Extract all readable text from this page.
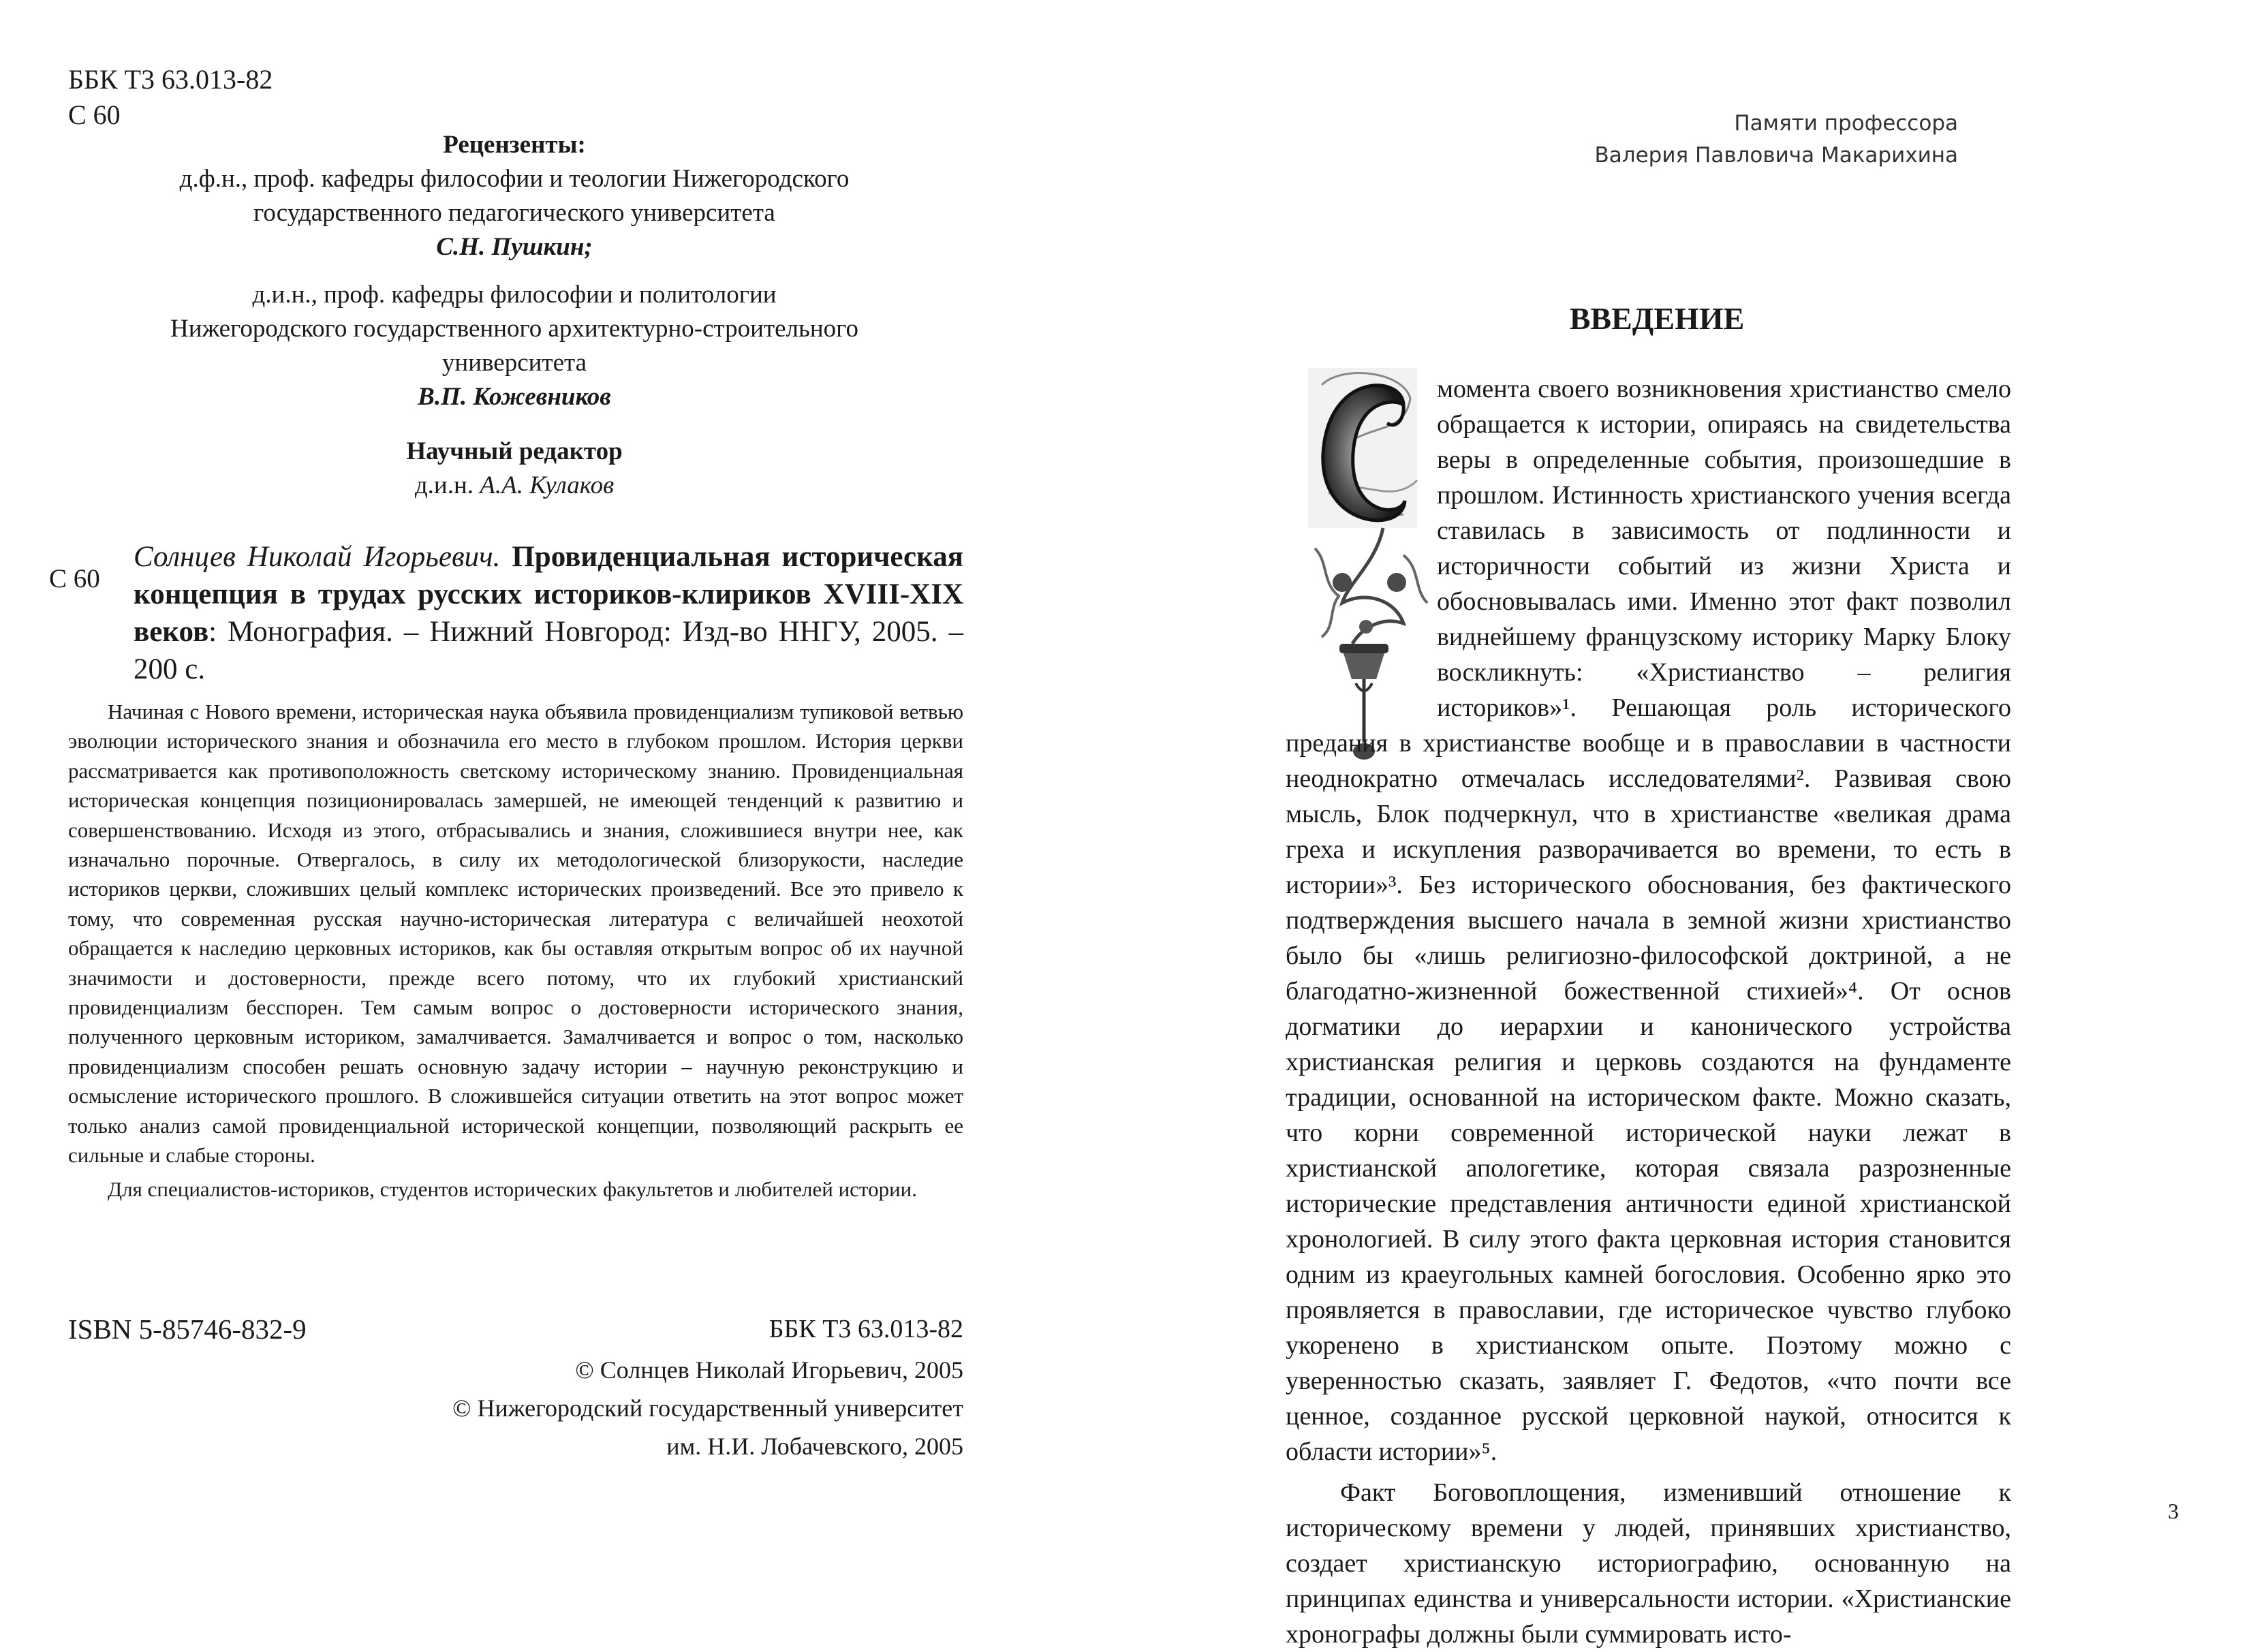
ББК Т3 63.013-82
С 60
Рецензенты:
д.ф.н., проф. кафедры философии и теологии Нижегородского
государственного педагогического университета
С.Н. Пушкин;
д.и.н., проф. кафедры философии и политологии
Нижегородского государственного архитектурно-строительного
университета
В.П. Кожевников
Научный редактор
д.и.н. А.А. Кулаков
С 60

Солнцев Николай Игорьевич. Провиденциальная историческая концепция в трудах русских историков-клириков XVIII-XIX веков: Монография. – Нижний Новгород: Изд-во ННГУ, 2005. – 200 с.

Начиная с Нового времени, историческая наука объявила провиденциализм тупиковой ветвью эволюции исторического знания и обозначила его место в глубоком прошлом. История церкви рассматривается как противоположность светскому историческому знанию. Провиденциальная историческая концепция позиционировалась замершей, не имеющей тенденций к развитию и совершенствованию. Исходя из этого, отбрасывались и знания, сложившиеся внутри нее, как изначально порочные. Отвергалось, в силу их методологической близорукости, наследие историков церкви, сложивших целый комплекс исторических произведений. Все это привело к тому, что современная русская научно-историческая литература с величайшей неохотой обращается к наследию церковных историков, как бы оставляя открытым вопрос об их научной значимости и достоверности, прежде всего потому, что их глубокий христианский провиденциализм бесспорен. Тем самым вопрос о достоверности исторического знания, полученного церковным историком, замалчивается. Замалчивается и вопрос о том, насколько провиденциализм способен решать основную задачу истории – научную реконструкцию и осмысление исторического прошлого. В сложившейся ситуации ответить на этот вопрос может только анализ самой провиденциальной исторической концепции, позволяющий раскрыть ее сильные и слабые стороны.

Для специалистов-историков, студентов исторических факультетов и любителей истории.

ISBN 5-85746-832-9	ББК Т3 63.013-82
© Солнцев Николай Игорьевич, 2005
© Нижегородский государственный университет
им. Н.И. Лобачевского, 2005
Памяти профессора
Валерия Павловича Макарихина
ВВЕДЕНИЕ

момента своего возникновения христианство смело обращается к истории, опираясь на свидетельства веры в определенные события, произошедшие в прошлом. Истинность христианского учения всегда ставилась в зависимость от подлинности и историчности событий из жизни Христа и обосновывалась ими. Именно этот факт позволил виднейшему французскому историку Марку Блоку воскликнуть: «Христианство – религия историков»¹. Решающая роль исторического предания в христианстве вообще и в православии в частности неоднократно отмечалась исследователями². Развивая свою мысль, Блок подчеркнул, что в христианстве «великая драма греха и искупления разворачивается во времени, то есть в истории»³. Без исторического обоснования, без фактического подтверждения высшего начала в земной жизни христианство было бы «лишь религиозно-философской доктриной, а не благодатно-жизненной божественной стихией»⁴. От основ догматики до иерархии и канонического устройства христианская религия и церковь создаются на фундаменте традиции, основанной на историческом факте. Можно сказать, что корни современной исторической науки лежат в христианской апологетике, которая связала разрозненные исторические представления античности единой христианской хронологией. В силу этого факта церковная история становится одним из краеугольных камней богословия. Особенно ярко это проявляется в православии, где историческое чувство глубоко укоренено в христианском опыте. Поэтому можно с уверенностью сказать, заявляет Г. Федотов, «что почти все ценное, созданное русской церковной наукой, относится к области истории»⁵.

Факт Боговоплощения, изменивший отношение к историческому времени у людей, принявших христианство, создает христианскую историографию, основанную на принципах единства и универсальности истории. «Христианские хронографы должны были суммировать исто-

3
